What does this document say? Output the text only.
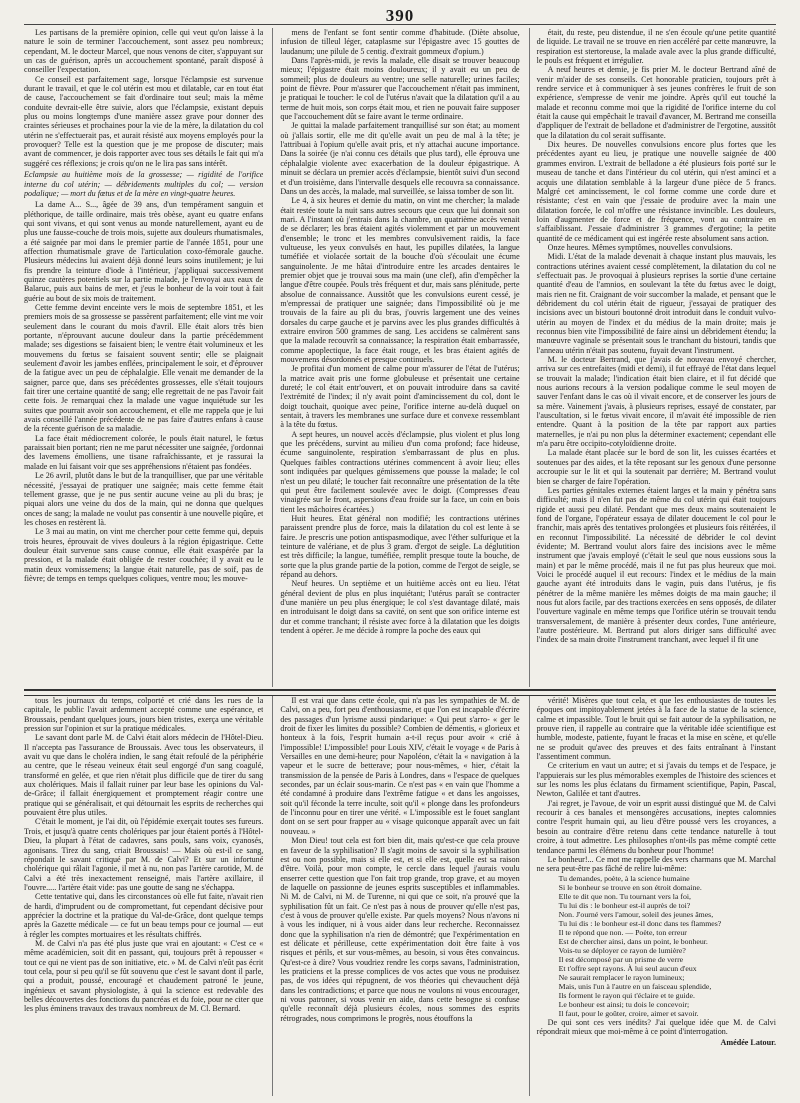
390

Les partisans de la première opinion, celle qui veut qu'on laisse à la nature le soin de terminer l'accouchement, sont assez peu nombreux; cependant, M. le docteur Marcel, que nous venons de citer, s'appuyant sur un cas de guérison, après un accouchement spontané, paraît disposé à conseiller l'expectation.

Ce conseil est parfaitement sage, lorsque l'éclampsie est survenue durant le travail, et que le col utérin est mou et dilatable, car en tout état de cause, l'accouchement se fait d'ordinaire tout seul; mais la même conduite devrait-elle être suivie, alors que l'éclampsie, existant depuis plus ou moins longtemps d'une manière assez grave pour donner des craintes sérieuses et prochaines pour la vie de la mère, la dilatation du col utérin ne s'effectuerait pas, et aurait résisté aux moyens employés pour la provoquer? Telle est la question que je me propose de discuter; mais avant de commencer, je dois rapporter avec tous ses détails le fait qui m'a suggéré ces réflexions; je crois qu'on ne le lira pas sans intérêt.

Eclampsie au huitième mois de la grossesse; — rigidité de l'orifice interne du col utérin; — débridements multiples du col; — version podalique; — mort du fœtus et de la mère en vingt-quatre heures.

La dame A... S..., âgée de 39 ans, d'un tempérament sanguin et pléthorique, de taille ordinaire, mais très obèse, ayant eu quatre enfans qui sont vivans, et qui sont venus au monde naturellement, ayant eu de plus une fausse-couche de trois mois, sujette aux douleurs rhumatismales, a été saignée par moi dans le premier partie de l'année 1851, pour une affection rhumatismale grave de l'articulation coxo-fémorale gauche. Plusieurs médecins lui avaient déjà donné leurs soins inutilement; je lui fis prendre la teinture d'iode à l'intérieur, j'appliquai successivement quinze cautères potentiels sur la partie malade, je l'envoyai aux eaux de Balaruc, puis aux bains de mer, et j'eus le bonheur de la voir tout à fait guérie au bout de six mois de traitement.

Cette femme devint enceinte vers le mois de septembre 1851, et les premiers mois de sa grossesse se passèrent parfaitement; elle vint me voir seulement dans le courant du mois d'avril. Elle était alors très bien portante, n'éprouvant aucune douleur dans la partie précédemment malade; ses digestions se faisaient bien; le ventre était volumineux et les mouvemens du fœtus se faisaient souvent sentir; elle se plaignait seulement d'avoir les jambes enflées, principalement le soir, et d'éprouver de la fatigue avec un peu de céphalalgie. Elle venait me demander de la saigner, parce que, dans ses précédentes grossesses, elle s'était toujours fait tirer une certaine quantité de sang; elle regrettait de ne pas l'avoir fait cette fois. Je remarquai chez la malade une vague inquiétude sur les suites que pourrait avoir son accouchement, et elle me rappela que je lui avais conseillé l'année précédente de ne pas faire d'autres enfans à cause de la récente guérison de sa maladie.

La face était médiocrement colorée, le pouls était naturel, le fœtus paraissait bien portant; rien ne me parut nécessiter une saignée, j'ordonnai des lavemens émolliens, une tisane rafraîchissante, et je rassurai la malade en lui faisant voir que ses appréhensions n'étaient pas fondées.

Le 26 avril, plutôt dans le but de la tranquilliser, que par une véritable nécessité, j'essayai de pratiquer une saignée; mais cette femme était tellement grasse, que je ne pus sentir aucune veine au pli du bras; je piquai alors une veine du dos de la main, qui ne donna que quelques onces de sang; la malade ne voulut pas consentir à une nouvelle piqûre, et les choses en restèrent là.

Le 3 mai au matin, on vint me chercher pour cette femme qui, depuis trois heures, éprouvait de vives douleurs à la région épigastrique. Cette douleur était survenue sans cause connue, elle était exaspérée par la pression, et la malade était obligée de rester couchée; il y avait eu le matin deux vomissemens; la langue était naturelle, pas de soif, pas de fièvre; de temps en temps quelques coliques, ventre mou; les mouve-

mens de l'enfant se font sentir comme d'habitude. (Diète absolue, infusion de tilleul léger, cataplasme sur l'épigastre avec 15 gouttes de laudanum; une pilule de 5 centig. d'extrait gommeux d'opium.)

Dans l'après-midi, je revis la malade, elle disait se trouver beaucoup mieux; l'épigastre était moins douloureux; il y avait eu un peu de sommeil; plus de douleurs au ventre; une selle naturelle; urines faciles; point de fièvre. Pour m'assurer que l'accouchement n'était pas imminent, je pratiquai le toucher: le col de l'utérus n'avait que la dilatation qu'il a au terme de huit mois, son corps était mou, et rien ne pouvait faire supposer que l'accouchement dût se faire avant le terme ordinaire.

Je quittai la malade parfaitement tranquillisé sur son état; au moment où j'allais sortir, elle me dit qu'elle avait un peu de mal à la tête; je l'attribuai à l'opium qu'elle avait pris, et n'y attachai aucune importance. Dans la soirée (je n'ai connu ces détails que plus tard), elle éprouva une céphalalgie violente avec exacerbation de la douleur épigastrique. A minuit se déclara un premier accès d'éclampsie, bientôt suivi d'un second et d'un troisième, dans l'intervalle desquels elle recouvra sa connaissance. Dans un des accès, la malade, mal surveillée, se laissa tomber de son lit.

Le 4, à six heures et demie du matin, on vint me chercher; la malade était restée toute la nuit sans autres secours que ceux que lui donnait son mari. A l'instant où j'entrais dans la chambre, un quatrième accès venait de se déclarer; les bras étaient agités violemment et par un mouvement d'ensemble; le tronc et les membres convulsivement raidis, la face vultueuse, les yeux convulsés en haut, les pupilles dilatées, la langue tuméfiée et violacée sortait de la bouche d'où s'écoulait une écume sanguinolente. Je me hâtai d'introduire entre les arcades dentaires le premier objet que je trouvai sous ma main (une clef), afin d'empêcher la langue d'être coupée. Pouls très fréquent et dur, mais sans plénitude, perte absolue de connaissance. Aussitôt que les convulsions eurent cessé, je m'empressai de pratiquer une saignée; dans l'impossibilité où je me trouvais de la faire au pli du bras, j'ouvris largement une des veines dorsales du carpe gauche et je parvins avec les plus grandes difficultés à extraire environ 500 grammes de sang. Les accidens se calmèrent sans que la malade recouvrît sa connaissance; la respiration était embarrassée, comme apoplectique, la face était rouge, et les bras étaient agités de mouvemens désordonnés et presque continuels.

Je profitai d'un moment de calme pour m'assurer de l'état de l'utérus; la matrice avait pris une forme globuleuse et présentait une certaine dureté; le col était entr'ouvert, et on pouvait introduire dans sa cavité l'extrémité de l'index; il n'y avait point d'amincissement du col, dont le doigt touchait, quoique avec peine, l'orifice interne au-delà duquel on sentait, à travers les membranes une surface dure et convexe ressemblant à la tête du fœtus.

A sept heures, un nouvel accès d'éclampsie, plus violent et plus long que les précédens, survint au milieu d'un coma profond; face hideuse, écume sanguinolente, respiration s'embarrassant de plus en plus. Quelques faibles contractions utérines commencent à avoir lieu; elles sont indiquées par quelques gémissemens que pousse la malade; le col n'est un peu dilaté; le toucher fait reconnaître une présentation de la tête qui peut être facilement soulevée avec le doigt. (Compresses d'eau vinaigrée sur le front, aspersions d'eau froide sur la face, un coin en bois tient les mâchoires écartées.)

Huit heures. Etat général non modifié; les contractions utérines paraissent prendre plus de force, mais la dilatation du col est lente à se faire. Je prescris une potion antispasmodique, avec l'éther sulfurique et la teinture de valériane, et de plus 3 gram. d'ergot de seigle. La déglutition est très difficile; la langue, tuméfiée, remplit presque toute la bouche, de sorte que la plus grande partie de la potion, comme de l'ergot de seigle, se répand au dehors.

Neuf heures. Un septième et un huitième accès ont eu lieu. l'état général devient de plus en plus inquiétant; l'utérus paraît se contracter d'une manière un peu plus énergique; le col s'est davantage dilaté, mais en introduisant le doigt dans sa cavité, on sent que son orifice interne est dur et comme tranchant; il résiste avec force à la dilatation que les doigts tendent à opérer. Je me décide à rompre la poche des eaux qui

était, du reste, peu distendue, il ne s'en écoule qu'une petite quantité de liquide. Le travail ne se trouve en rien accéléré par cette manœuvre, la respiration est stertoreuse, la malade avale avec la plus grande difficulté, le pouls est fréquent et irrégulier.

A neuf heures et demie, je fis prier M. le docteur Bertrand aîné de venir m'aider de ses conseils. Cet honorable praticien, toujours prêt à rendre service et à communiquer à ses jeunes confrères le fruit de son expérience, s'empresse de venir me joindre. Après qu'il eut touché la malade et reconnu comme moi que la rigidité de l'orifice interne du col était la cause qui empêchait le travail d'avancer, M. Bertrand me conseilla d'appliquer de l'extrait de belladone et d'administrer de l'ergotine, aussitôt que la dilatation du col serait suffisante.

Dix heures. De nouvelles convulsions encore plus fortes que les précédentes ayant eu lieu, je pratique une nouvelle saignée de 400 grammes environ. L'extrait de belladone a été plusieurs fois porté sur le museau de tanche et dans l'intérieur du col utérin, qui n'est amincí et a acquis une dilatation semblable à la largeur d'une pièce de 5 francs. Malgré cet amincissement, le col forme comme une corde dure et résistante; c'est en vain que j'essaie de produire avec la main une dilatation forcée, le col m'offre une résistance invincible. Les douleurs, loin d'augmenter de force et de fréquence, vont au contraire en s'affaiblissant. J'essaie d'administrer 3 grammes d'ergotine; la petite quantité de ce médicament qui est ingérée reste absolument sans action.

Onze heures. Mêmes symptômes, nouvelles convulsions.

Midi. L'état de la malade devenait à chaque instant plus mauvais, les contractions utérines avaient cessé complètement, la dilatation du col ne s'effectuait pas. Je provoquai à plusieurs reprises la sortie d'une certaine quantité d'eau de l'amnios, en soulevant la tête du fœtus avec le doigt, mais rien ne fit. Craignant de voir succomber la malade, et pensant que le débridement du col utérin était de rigueur, j'essayai de pratiquer des incisions avec un bistouri boutonné droit introduit dans le conduit vulvo-utérin au moyen de l'index et du médius de la main droite; mais je reconnus bien vite l'impossibilité de faire ainsi un débridement étendu; la manœuvre vaginale se présentait sous le tranchant du bistouri, tandis que l'anneau utérin n'était pas soutenu, fuyait devant l'instrument.

M. le docteur Bertrand, que j'avais de nouveau envoyé chercher, arriva sur ces entrefaites (midi et demi), il fut effrayé de l'état dans lequel se trouvait la malade; l'indication était bien claire, et il fut décidé que nous aurions recours à la version podalique comme le seul moyen de sauver l'enfant dans le cas où il vivait encore, et de conserver les jours de sa mère. Vainement j'avais, à plusieurs reprises, essayé de constater, par l'auscultation, si le fœtus vivait encore, il m'avait été impossible de rien entendre. Quant à la position de la tête par rapport aux parties maternelles, je n'ai pu non plus la déterminer exactement; cependant elle m'a paru être occipito-cotyloïdienne droite.

La malade étant placée sur le bord de son lit, les cuisses écartées et soutenues par des aides, et la tête reposant sur les genoux d'une personne accroupie sur le lit et qui la soutenait par derrière; M. Bertrand voulut bien se charger de faire l'opération.

Les parties génitales externes étaient larges et la main y pénétra sans difficulté; mais il n'en fut pas de même du col utérin qui était toujours rigide et aussi peu dilaté. Pendant que mes deux mains soutenaient le fond de l'organe, l'opérateur essaya de dilater doucement le col pour le franchir, mais après des tentatives prolongées et plusieurs fois réitérées, il en reconnut l'impossibilité. La nécessité de débrider le col devint évidente; M. Bertrand voulut alors faire des incisions avec le même instrument que j'avais employé (c'était le seul que nous eussions sous la main) et par le même procédé, mais il ne fut pas plus heureux que moi. Voici le procédé auquel il eut recours: l'index et le médius de la main gauche ayant été introduits dans le vagin, puis dans l'utérus, je fis pénétrer de la même manière les mêmes doigts de ma main gauche; il nous fut alors facile, par des tractions exercées en sens opposés, de dilater l'ouverture vaginale en même temps que l'orifice utérin se trouvait tendu transversalement, de manière à présenter deux cordes, l'une antérieure, l'autre postérieure. M. Bertrand put alors diriger sans difficulté avec l'index de sa main droite l'instrument tranchant, avec lequel il fit une

tous les journaux du temps, colporté et crié dans les rues de la capitale, le public l'avait ardemment accepté comme une espérance, et Broussais, pendant quelques jours, jours bien tristes, exerça une véritable pression sur l'opinion et sur la pratique médicales.

Le savant dont parle M. de Calvi était alors médecin de l'Hôtel-Dieu. Il n'accepta pas l'assurance de Broussais. Avec tous les observateurs, il avait vu que dans le choléra indien, le sang était refoulé de la périphérie au centre, que le réseau veineux était seul engorgé d'un sang coagulé, transformé en gelée, et que rien n'était plus difficile que de tirer du sang aux cholériques. Mais il fallait ruiner par leur base les opinions du Val-de-Grâce; il fallait énergiquement et promptement réagir contre une pratique qui se généralisait, et qui détournait les esprits de recherches qui pouvaient être plus utiles.

C'était le moment, je l'ai dit, où l'épidémie exerçait toutes ses fureurs. Trois, et jusqu'à quatre cents cholériques par jour étaient portés à l'Hôtel-Dieu, la plupart à l'état de cadavres, sans pouls, sans voix, cyanosés, agonisans. Tirez du sang, criait Broussais! — Mais où est-il ce sang, répondait le savant critiqué par M. de Calvi? Et sur un infortuné cholérique qui râlait l'agonie, il met à nu, non pas l'artère carotide, M. de Calvi a été très inexactement renseigné, mais l'artère axillaire, il l'ouvre..... l'artère était vide: pas une goutte de sang ne s'échappa.

Cette tentative qui, dans les circonstances où elle fut faite, n'avait rien de hardi, d'imprudent ou de compromettant, fut cependant décisive pour apprécier la doctrine et la pratique du Val-de-Grâce, dont quelque temps après la Gazette médicale — ce fut un beau temps pour ce journal — eut à régler les comptes mortuaires et les résultats chiffrés.

M. de Calvi n'a pas été plus juste que vrai en ajoutant: « C'est ce « même académicien, soit dit en passant, qui, toujours prêt à repousser « tout ce qui ne vient pas de son initiative, etc. » M. de Calvi n'eût pas écrit tout cela, pour si peu qu'il se fût souvenu que c'est le savant dont il parle, qui a produit, poussé, encouragé et chaudement patroné le jeune, ingénieux et savant physiologiste, à qui la science est redevable des belles découvertes des fonctions du pancréas et du foie, pour ne citer que les plus éminens travaux des travaux nombreux de M. Cl. Bernard.

Il est vrai que dans cette école, qui n'a pas les sympathies de M. de Calvi, on a peu, fort peu d'enthousiasme, et que l'on est incapable d'écrire des passages d'un lyrisme aussi pindarique: « Qui peut s'arro- « ger le droit de fixer les limites du possible? Combien de démentis, « glorieux et honteux à la fois, l'esprit humain a-t-il reçus pour avoir « crié à l'impossible! L'impossible! pour Louis XIV, c'était le voyage « de Paris à Versailles en une demi-heure; pour Napoléon, c'était la « navigation à la vapeur et le sucre de betterave; pour nous-mêmes, « hier, c'était la transmission de la pensée de Paris à Londres, dans « l'espace de quelques secondes, par un éclair sous-marin. Ce n'est pas « en vain que l'homme a été condamné à produire dans l'extrême fatigue « et dans les angoisses, soit qu'il féconde la terre inculte, soit qu'il « plonge dans les profondeurs de l'inconnu pour en tirer une vérité. « L'impossible est le fouet sanglant dont on se sert pour frapper au « visage quiconque apparaît avec un fait nouveau. »

Mon Dieu! tout cela est fort bien dit, mais qu'est-ce que cela prouve en faveur de la syphilisation? Il s'agit moins de savoir si la syphilisation est ou non possible, mais si elle est, et si elle est, quelle est sa raison d'être. Voilà, pour mon compte, le cercle dans lequel j'aurais voulu enserrer cette question que l'on fait trop grande, trop grave, et au moyen de laquelle on passionne de jeunes esprits susceptibles et inflammables. Ni M. de Calvi, ni M. de Turenne, ni qui que ce soit, n'a prouvé que la syphilisation fût un fait. Ce n'est pas à nous de prouver qu'elle n'est pas, c'est à vous de prouver qu'elle existe. Par quels moyens? Nous n'avons ni à vous les indiquer, ni à vous aider dans leur recherche. Reconnaissez donc que la syphilisation n'a rien de démontré; que l'expérimentation en est délicate et périlleuse, cette expérimentation doit être faite à vos risques et périls, et sur vous-mêmes, au besoin, si vous êtes convaincus. Qu'est-ce à dire? Vous voudriez rendre les corps savans, l'administration, les praticiens et la presse complices de vos actes que vous ne produisez pas, de vos idées qui répugnent, de vos théories qui chevauchent déjà dans les contradictions; et parce que nous ne voulons ni vous encourager, ni vous patroner, si vous venir en aide, dans cette besogne si confuse qu'elle reconnaît déjà plusieurs écoles, nous sommes des esprits rétrogrades, nous comprimons le progrès, nous étouffons la

vérité! Misères que tout cela, et que les enthousiastes de toutes les époques ont impitoyablement jetées à la face de la statue de la science, calme et impassible. Tout le bruit qui se fait autour de la syphilisation, ne prouve rien, il rappelle au contraire que la véritable idée scientifique est humble, modeste, patiente, fuyant le fracas et la mise en scène, et qu'elle ne se produit qu'avec des preuves et des faits entraînant à l'instant l'assentiment commun.

Ce criterium en vaut un autre; et si j'avais du temps et de l'espace, je l'appuierais sur les plus mémorables exemples de l'histoire des sciences et sur les noms les plus éclatans du firmament scientifique, Papin, Pascal, Newton, Galilée et tant d'autres.

J'ai regret, je l'avoue, de voir un esprit aussi distingué que M. de Calvi recourir à ces banales et mensongères accusations, ineptes calomnies contre l'esprit humain qui, au lieu d'être poussé vers les croyances, a besoin au contraire d'être retenu dans cette tendance naturelle à tout croire, à tout admettre. Les philosophes n'ont-ils pas même compté cette tendance parmi les élémens du bonheur pour l'homme!

Le bonheur!... Ce mot me rappelle des vers charmans que M. Marchal ne sera peut-être pas fâché de relire lui-même:

Tu demandes, poète, à la science humaine

Si le bonheur se trouve en son étroit domaine.

Elle te dit que non. Tu tournant vers la foi,

Tu lui dis : le bonheur est-il auprès de toi?

Non. J'ourné vers l'amour, soleil des jeunes âmes,

Tu lui dis : le bonheur est-il donc dans tes flammes?

Il te répond que non. — Poète, ton erreur

Est de chercher ainsi, dans un point, le bonheur.

Vois-tu se déployer ce rayon de lumière?

Il est décomposé par un prisme de verre

Et t'offre sept rayons. À lui seul aucun d'eux

Ne saurait remplacer le rayon lumineux;

Mais, unis l'un à l'autre en un faisceau splendide,

Ils forment le rayon qui t'éclaire et te guide.

Le bonheur est ainsi; tu dois le concevoir;

Il faut, pour le goûter, croire, aimer et savoir.

De qui sont ces vers inédits? J'ai quelque idée que M. de Calvi répondrait mieux que moi-même à ce point d'interrogation.

Amédée Latour.
